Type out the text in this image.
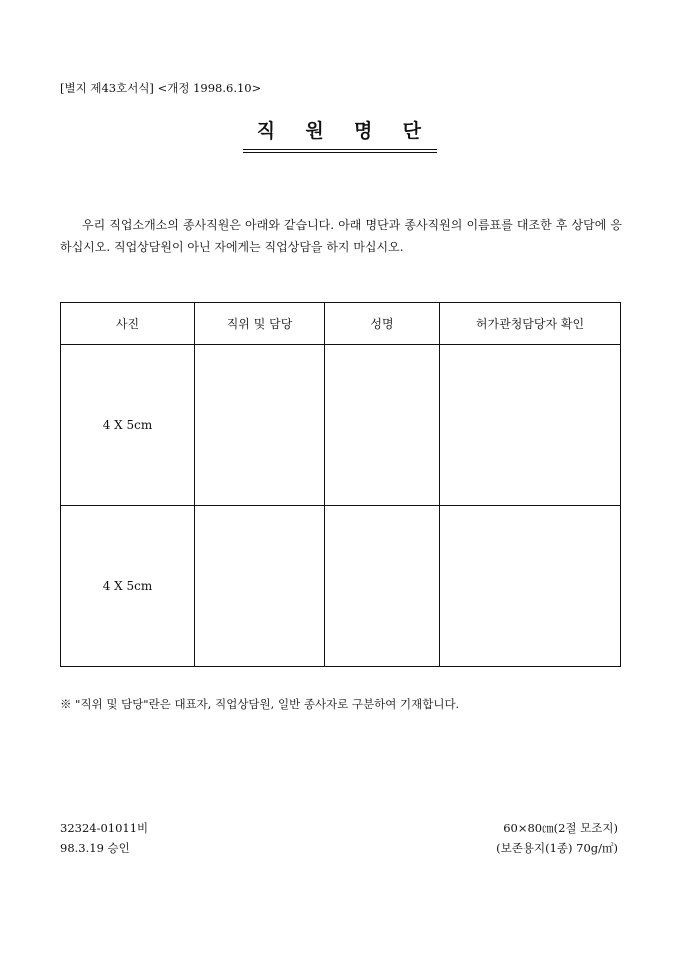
[별지 제43호서식] <개정 1998.6.10>
직 원 명 단

우리 직업소개소의 종사직원은 아래와 같습니다. 아래 명단과 종사직원의 이름표를 대조한 후 상담에 응하십시오. 직업상담원이 아닌 자에게는 직업상담을 하지 마십시오.

사진	직위 및 담당	성명	허가관청담당자 확인
4 X 5cm			
4 X 5cm			
※ "직위 및 담당"란은 대표자, 직업상담원, 일반 종사자로 구분하여 기재합니다.
32324-01011비
98.3.19 승인
60×80㎝(2절 모조지)
(보존용지(1종) 70g/㎡)
